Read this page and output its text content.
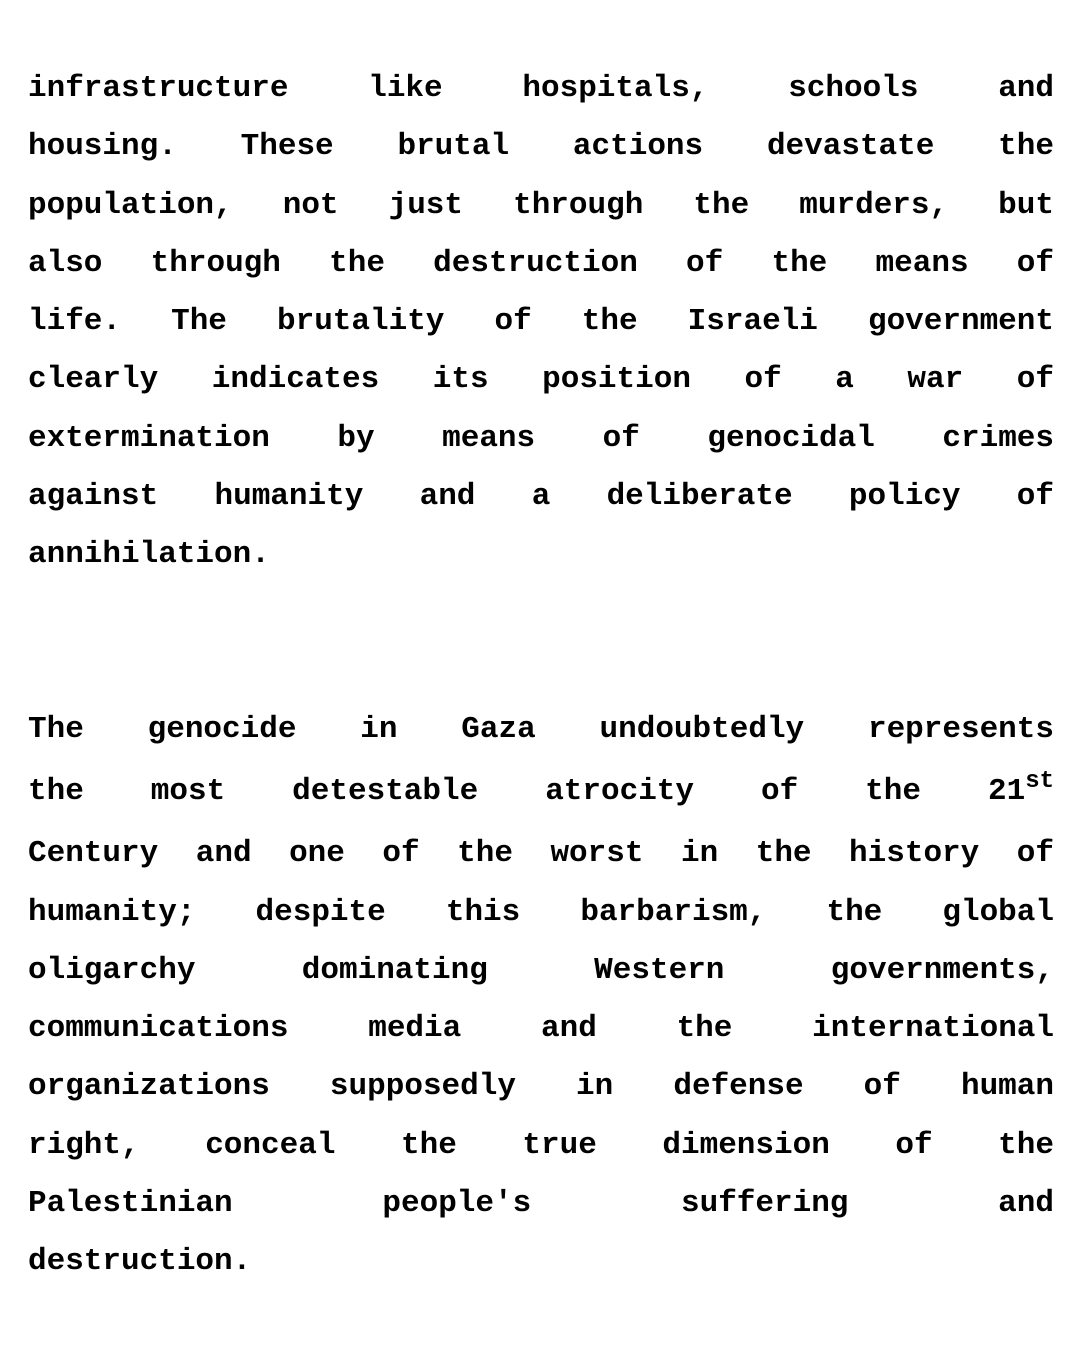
infrastructure like hospitals, schools and
housing. These brutal actions devastate the
population, not just through the murders, but
also through the destruction of the means of
life. The brutality of the Israeli government
clearly indicates its position of a war of
extermination by means of genocidal crimes
against humanity and a deliberate policy of
annihilation.
The genocide in Gaza undoubtedly represents
the most detestable atrocity of the 21st
Century and one of the worst in the history of
humanity; despite this barbarism, the global
oligarchy dominating Western governments,
communications media and the international
organizations supposedly in defense of human
right, conceal the true dimension of the
Palestinian people's suffering and
destruction.
